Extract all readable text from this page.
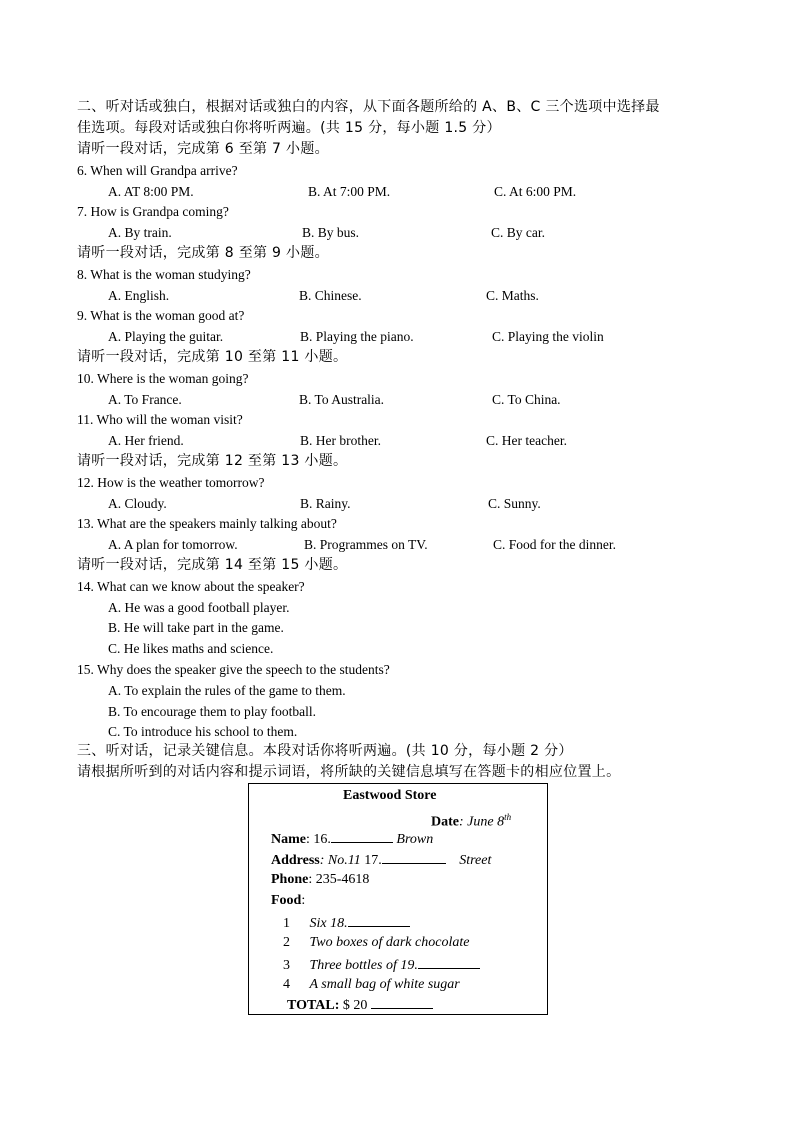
二、听对话或独白，根据对话或独白的内容，从下面各题所给的 A、B、C 三个选项中选择最
佳选项。每段对话或独白你将听两遍。(共 15 分，每小题 1.5 分）
请听一段对话，完成第 6 至第 7 小题。
6. When will Grandpa arrive?
A. AT 8:00 PM.	B. At 7:00 PM.	C. At 6:00 PM.
7. How is Grandpa coming?
A. By train.	B. By bus.	C. By car.
请听一段对话，完成第 8 至第 9 小题。
8. What is the woman studying?
A. English.	B. Chinese.	C. Maths.
9. What is the woman good at?
A. Playing the guitar.	B. Playing the piano.	C. Playing the violin
请听一段对话，完成第 10 至第 11 小题。
10. Where is the woman going?
A. To France.	B. To Australia.	C. To China.
11. Who will the woman visit?
A. Her friend.	B. Her brother.	C. Her teacher.
请听一段对话，完成第 12 至第 13 小题。
12. How is the weather tomorrow?
A. Cloudy.	B. Rainy.	C. Sunny.
13. What are the speakers mainly talking about?
A. A plan for tomorrow.	B. Programmes on TV.	C. Food for the dinner.
请听一段对话，完成第 14 至第 15 小题。
14. What can we know about the speaker?
A. He was a good football player.
B. He will take part in the game.
C. He likes maths and science.
15. Why does the speaker give the speech to the students?
A. To explain the rules of the game to them.
B. To encourage them to play football.
C. To introduce his school to them.
三、听对话，记录关键信息。本段对话你将听两遍。(共 10 分，每小题 2 分）
请根据所听到的对话内容和提示词语，将所缺的关键信息填写在答题卡的相应位置上。
Eastwood Store
Date: June 8th
Name: 16.	Brown
Address: No.11 17.	Street
Phone: 235-4618
Food:
1 Six 18.
2 Two boxes of dark chocolate
3 Three bottles of 19.
4 A small bag of white sugar
TOTAL: $ 20
